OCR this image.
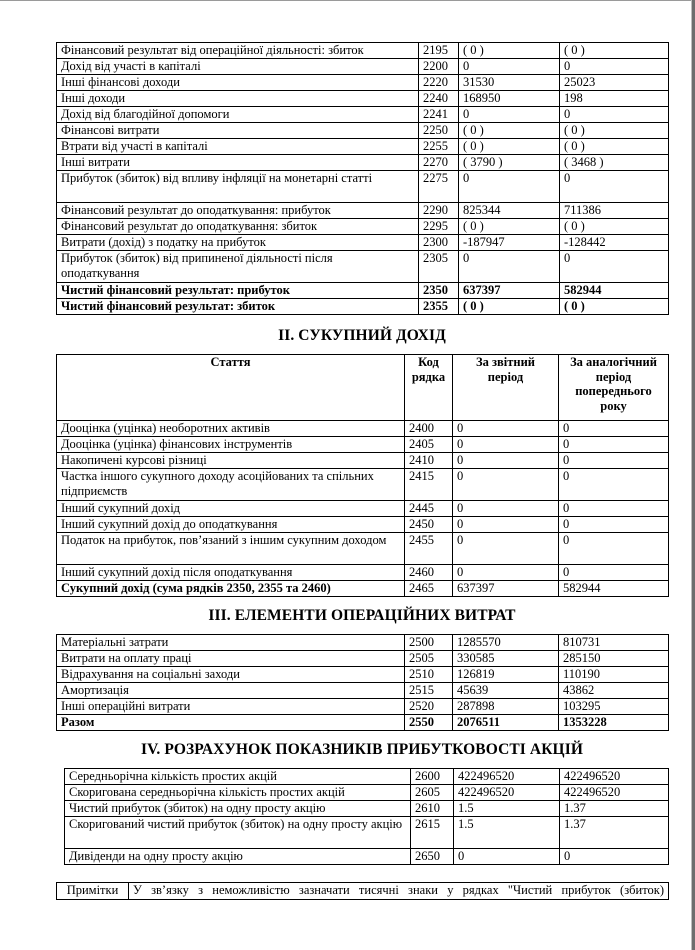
Фінансовий результат від операційної діяльності: збиток	2195	( 0 )	( 0 )
Дохід від участі в капіталі	2200	0	0
Інші фінансові доходи	2220	31530	25023
Інші доходи	2240	168950	198
Дохід від благодійної допомоги	2241	0	0
Фінансові витрати	2250	( 0 )	( 0 )
Втрати від участі в капіталі	2255	( 0 )	( 0 )
Інші витрати	2270	( 3790 )	( 3468 )
Прибуток (збиток) від впливу інфляції на монетарні статті	2275	0	0
Фінансовий результат до оподаткування: прибуток	2290	825344	711386
Фінансовий результат до оподаткування: збиток	2295	( 0 )	( 0 )
Витрати (дохід) з податку на прибуток	2300	-187947	-128442
Прибуток (збиток) від припиненої діяльності після оподаткування	2305	0	0
Чистий фінансовий результат: прибуток	2350	637397	582944
Чистий фінансовий результат: збиток	2355	( 0 )	( 0 )
ІІ. СУКУПНИЙ ДОХІД
Стаття	Код рядка	За звітний період	За аналогічний період попереднього року
Дооцінка (уцінка) необоротних активів	2400	0	0
Дооцінка (уцінка) фінансових інструментів	2405	0	0
Накопичені курсові різниці	2410	0	0
Частка іншого сукупного доходу асоційованих та спільних підприємств	2415	0	0
Інший сукупний дохід	2445	0	0
Інший сукупний дохід до оподаткування	2450	0	0
Податок на прибуток, пов’язаний з іншим сукупним доходом	2455	0	0
Інший сукупний дохід після оподаткування	2460	0	0
Сукупний дохід (сума рядків 2350, 2355 та 2460)	2465	637397	582944
ІІІ. ЕЛЕМЕНТИ ОПЕРАЦІЙНИХ ВИТРАТ
Матеріальні затрати	2500	1285570	810731
Витрати на оплату праці	2505	330585	285150
Відрахування на соціальні заходи	2510	126819	110190
Амортизація	2515	45639	43862
Інші операційні витрати	2520	287898	103295
Разом	2550	2076511	1353228
IV. РОЗРАХУНОК ПОКАЗНИКІВ ПРИБУТКОВОСТІ АКЦІЙ
Середньорічна кількість простих акцій	2600	422496520	422496520
Скоригована середньорічна кількість простих акцій	2605	422496520	422496520
Чистий прибуток (збиток) на одну просту акцію	2610	1.5	1.37
Скоригований чистий прибуток (збиток) на одну просту акцію	2615	1.5	1.37
Дивіденди на одну просту акцію	2650	0	0
Примітки	У зв’язку з неможливістю зазначати тисячні знаки у рядках "Чистий прибуток (збиток)
